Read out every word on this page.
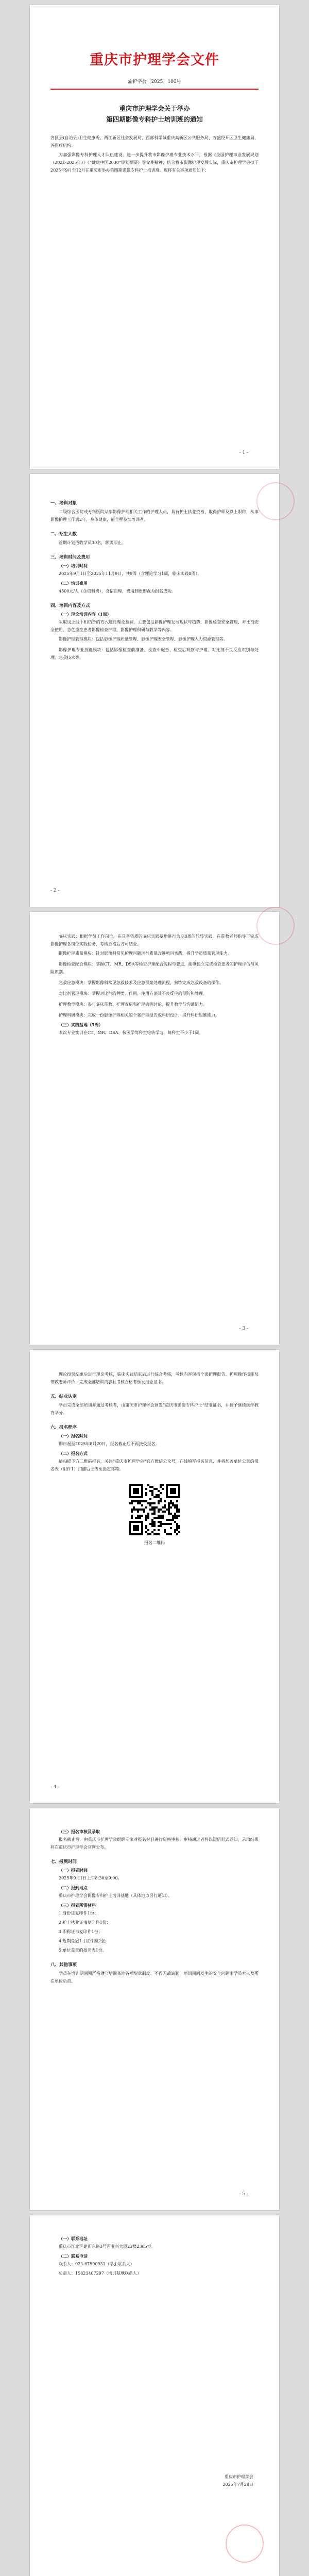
重庆市护理学会文件
渝护学会〔2025〕100号
重庆市护理学会关于举办
第四期影像专科护士培训班的通知

各区县(自治县)卫生健康委，两江新区社会发展局、西部科学城重庆高新区公共服务局、万盛经开区卫生健康局，各医疗机构：

为加强影像专科护理人才队伍建设，进一步提升我市影像护理专业技术水平，根据《全国护理事业发展规划（2021-2025年）》《“健康中国2030”规划纲要》等文件精神，结合我市影像护理发展实际，重庆市护理学会拟于2025年9月至12月在重庆市举办第四期影像专科护士培训班。现将有关事项通知如下：

- 1 -
一、培训对象

二级综合医院或专科医院从事影像护理相关工作的护理人员，具有护士执业资格，取得护师及以上职称，从事影像护理工作满2年，身体健康，能全程参加培训者。

二、招生人数

首期计划招收学员30名，额满即止。

三、培训时间及费用
（一）培训时间

2025年9月1日至2025年11月9日，共9周（含理论学习1周，临床实践8周）。

（二）培训费用

4500元/人（含资料费），食宿自理，费用到账即视为报名成功。

四、培训内容及方式
（一）理论培训内容（1周）

采取线上线下相结合的方式进行理论授课，主要包括影像护理发展现状与趋势、影像检查安全管理、对比剂安全使用、急危重症患者影像检查护理、影像护理科研与教学等内容。

影像护理管理模块：包括影像护理质量管理、影像护理安全管理、影像护理人力资源管理等。

影像护理专业技能模块：包括影像检查前准备、检查中配合、检查后观察与护理、对比剂不良反应识别与处理、急救技术等。

- 2 -

临床实践：根据学员工作岗位，在具备资质的临床实践基地进行为期8周的轮转实践，在带教老师指导下完成影像护理各岗位实践任务，考核合格后方可结业。

影像护理质量模块：针对影像科常见护理问题进行质量改进项目实践，提升学员质量管理能力。

影像检查配合模块：掌握CT、MR、DSA等检查护理配合流程与要点，能够独立完成检查患者的护理评估与风险识别。

急救应急模块：掌握影像科常见急救技术及应急预案处理流程，熟练完成急救设备的操作。

对比剂管理模块：掌握对比剂的种类、作用、使用方法及不良反应的预防和处理。

护理教学模块：参与临床带教、护理查房和护理病例讨论，提升教学与沟通能力。

护理科研模块：完成一份影像护理相关的个案护理报告或科研设计，提升科研思维能力。

（三）实践基地（5周）

本次专业实训在CT、MR、DSA、核医学等科室轮转学习，每科室不少于1周。

- 3 -

理论授课结束后进行理论考核，临床实践结束后进行综合考核，考核内容包括个案护理报告、护理操作技能及带教老师评价，完成全部培训内容且考核合格者颁发结业证书。

五、结业认定

学员完成全部培训并通过考核者，由重庆市护理学会颁发“重庆市影像专科护士”结业证书，并授予继续医学教育学分。

六、报名程序
（一）报名时间

即日起至2025年8月20日，报名截止后不再接受报名。

（二）报名方式

请扫描下方二维码报名，关注“重庆市护理学会”官方微信公众号，在线填写报名信息，并将加盖单位公章的报名表（附件1）扫描后上传至指定邮箱。

报名二维码
- 4 -
（三）报名审核及录取

报名截止后，由重庆市护理学会组织专家对报名材料进行资格审核，审核通过者将以短信形式通知，录取结果将在重庆市护理学会官网公布。

七、报到时间
（一）报到时间

2025年9月1日上午8:30至9:00。

（二）报到地点

重庆市护理学会影像专科护士培训基地（具体地点另行通知）。

（三）报到所需材料

1.身份证复印件1份；

2.护士执业证书复印件1份；

3.职称证书复印件1份；

4.近期免冠1寸证件照2张；

5.单位盖章的报名表1份。

八、其他事项

学员在培训期间须严格遵守培训基地各项规章制度，不得无故缺勤，培训期间发生的安全问题由学员本人及所在单位负责。

- 5 -
（一）联系地址

重庆市江北区建新东路3号百业兴大厦23楼2305室。

（二）联系电话

联系人：023-67500931（学会联系人）

负责人：15823407297（培训基地联系人）

重庆市护理学会
2025年7月28日
